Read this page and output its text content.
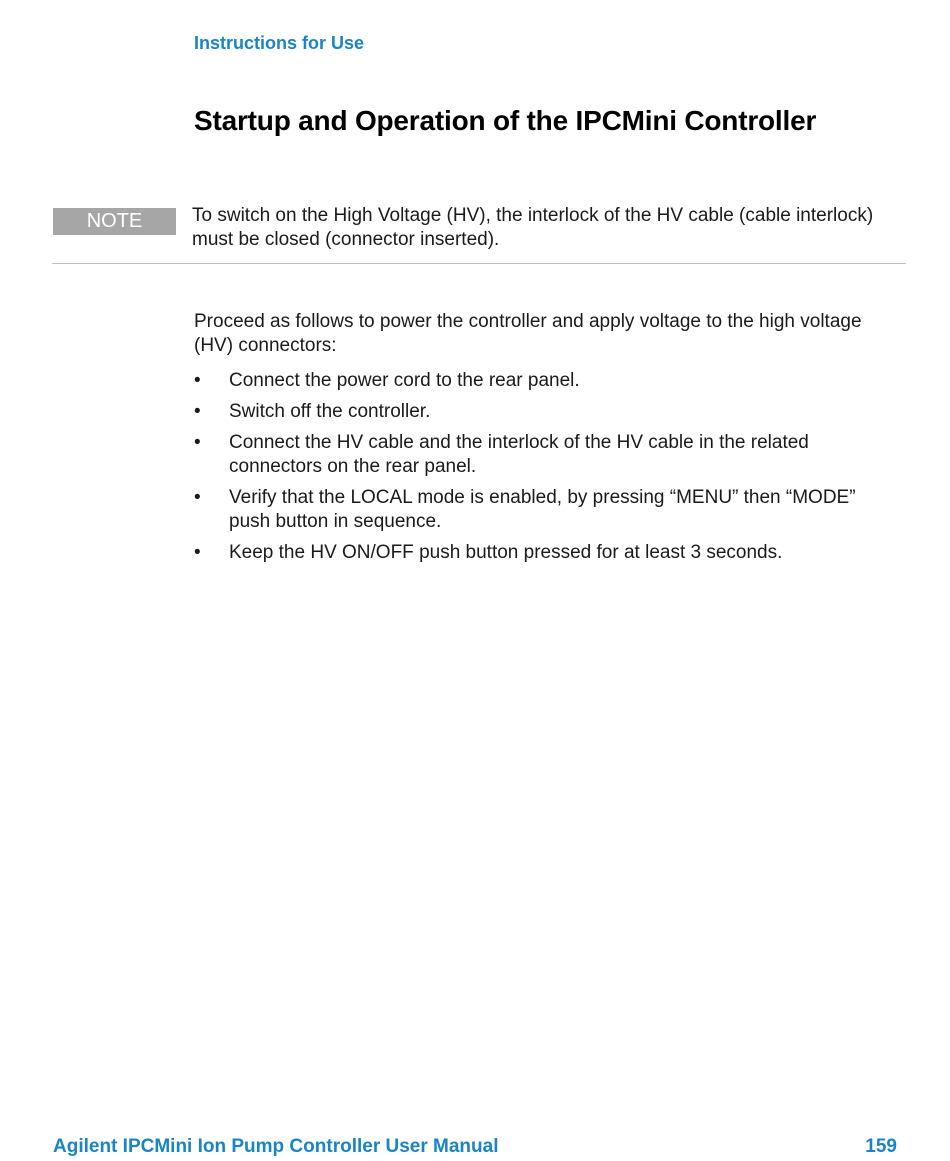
Instructions for Use
Startup and Operation of the IPCMini Controller
NOTE	To switch on the High Voltage (HV), the interlock of the HV cable (cable interlock) must be closed (connector inserted).

Proceed as follows to power the controller and apply voltage to the high voltage (HV) connectors:

• Connect the power cord to the rear panel.
• Switch off the controller.
• Connect the HV cable and the interlock of the HV cable in the related connectors on the rear panel.
• Verify that the LOCAL mode is enabled, by pressing “MENU” then “MODE” push button in sequence.
• Keep the HV ON/OFF push button pressed for at least 3 seconds.
Agilent IPCMini Ion Pump Controller User Manual	159
